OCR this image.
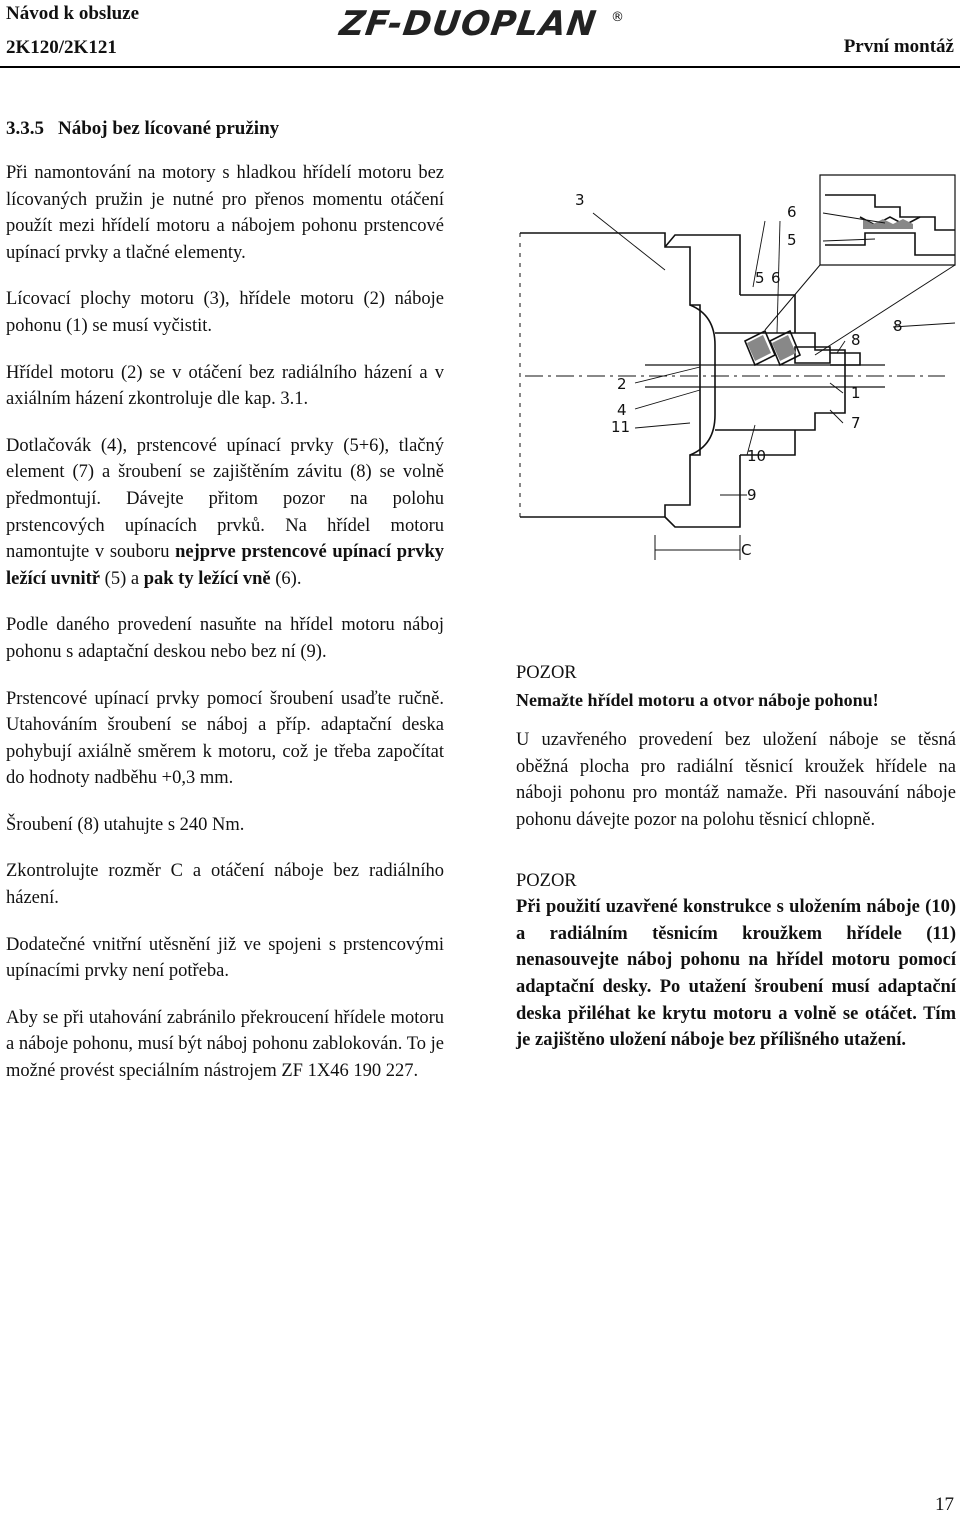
Návod k obsluze
2K120/2K121
ZF-DUOPLAN ®
První montáž
3.3.5 Náboj bez lícované pružiny

Při namontování na motory s hladkou hřídelí motoru bez lícovaných pružin je nutné pro přenos momentu otáčení použít mezi hřídelí motoru a nábojem pohonu prstencové upínací prvky a tlačné elementy.

Lícovací plochy motoru (3), hřídele motoru (2) náboje pohonu (1) se musí vyčistit.

Hřídel motoru (2) se v otáčení bez radiálního házení a v axiálním házení zkontroluje dle kap. 3.1.

Dotlačovák (4), prstencové upínací prvky (5+6), tlačný element (7) a šroubení se zajištěním závitu (8) se volně předmontují. Dávejte přitom pozor na polohu prstencových upínacích prvků. Na hřídel motoru namontujte v souboru nejprve prstencové upínací prvky ležící uvnitř (5) a pak ty ležící vně (6).

Podle daného provedení nasuňte na hřídel motoru náboj pohonu s adaptační deskou nebo bez ní (9).

Prstencové upínací prvky pomocí šroubení usaďte ručně. Utahováním šroubení se náboj a příp. adaptační deska pohybují axiálně směrem k motoru, což je třeba započítat do hodnoty nadběhu +0,3 mm.

Šroubení (8) utahujte s 240 Nm.

Zkontrolujte rozměr C a otáčení náboje bez radiálního házení.

Dodatečné vnitřní utěsnění již ve spojeni s prstencovými upínacími prvky není potřeba.

Aby se při utahování zabránilo překroucení hřídele motoru a náboje pohonu, musí být náboj pohonu zablokován. To je možné provést speciálním nástrojem ZF 1X46 190 227.

3
6
5
5 6
8
8
2
4
11
1
7
10
9
C
POZOR
Nemažte hřídel motoru a otvor náboje pohonu!

U uzavřeného provedení bez uložení náboje se těsná oběžná plocha pro radiální těsnicí kroužek hřídele na náboji pohonu pro montáž namaže. Při nasouvání náboje pohonu dávejte pozor na polohu těsnicí chlopně.

POZOR

Při použití uzavřené konstrukce s uložením náboje (10) a radiálním těsnicím kroužkem hřídele (11) nenasouvejte náboj pohonu na hřídel motoru pomocí adaptační desky. Po utažení šroubení musí adaptační deska přiléhat ke krytu motoru a volně se otáčet. Tím je zajištěno uložení náboje bez přílišného utažení.

17
